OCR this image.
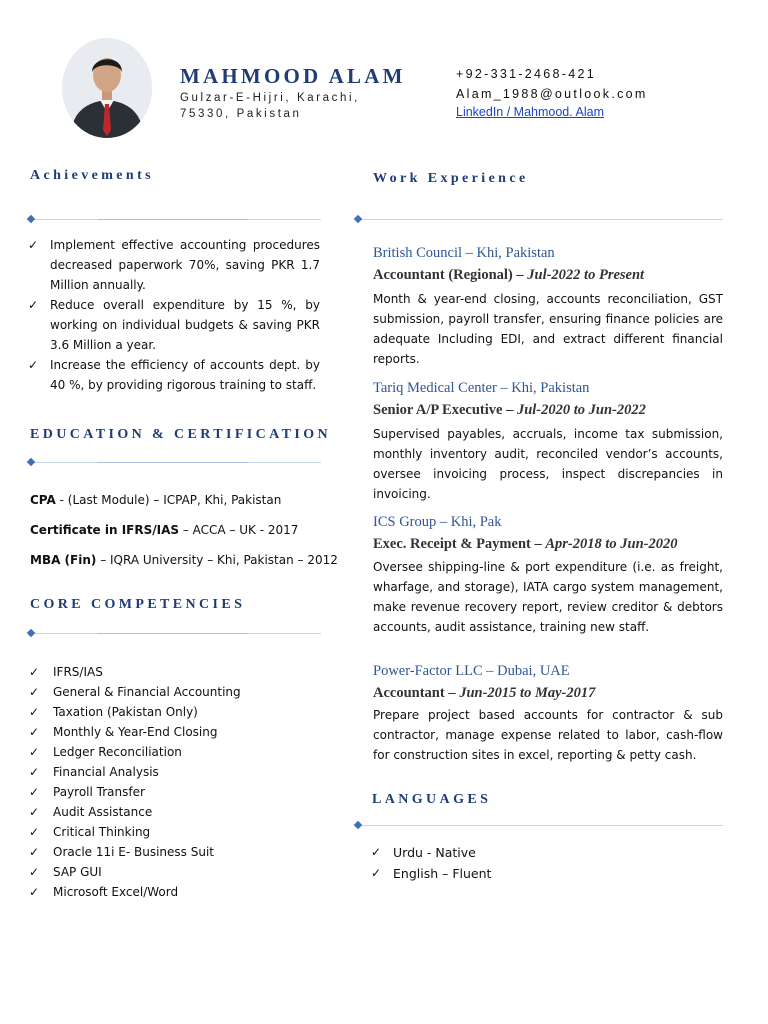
MAHMOOD ALAM
Gulzar-E-Hijri, Karachi,
75330, Pakistan
+92-331-2468-421
Alam_1988@outlook.com
LinkedIn / Mahmood. Alam
Achievements
✓ Implement effective accounting procedures decreased paperwork 70%, saving PKR 1.7 Million annually.
✓ Reduce overall expenditure by 15 %, by working on individual budgets & saving PKR 3.6 Million a year.
✓ Increase the efficiency of accounts dept. by 40 %, by providing rigorous training to staff.
EDUCATION & CERTIFICATION
CPA - (Last Module) – ICPAP, Khi, Pakistan
Certificate in IFRS/IAS – ACCA – UK - 2017
MBA (Fin) – IQRA University – Khi, Pakistan – 2012
CORE COMPETENCIES
✓ IFRS/IAS
✓ General & Financial Accounting
✓ Taxation (Pakistan Only)
✓ Monthly & Year-End Closing
✓ Ledger Reconciliation
✓ Financial Analysis
✓ Payroll Transfer
✓ Audit Assistance
✓ Critical Thinking
✓ Oracle 11i E- Business Suit
✓ SAP GUI
✓ Microsoft Excel/Word
Work Experience
British Council – Khi, Pakistan
Accountant (Regional) – Jul-2022 to Present
Month & year-end closing, accounts reconciliation, GST submission, payroll transfer, ensuring finance policies are adequate Including EDI, and extract different financial reports.
Tariq Medical Center – Khi, Pakistan
Senior A/P Executive – Jul-2020 to Jun-2022
Supervised payables, accruals, income tax submission, monthly inventory audit, reconciled vendor’s accounts, oversee invoicing process, inspect discrepancies in invoicing.
ICS Group – Khi, Pak
Exec. Receipt & Payment – Apr-2018 to Jun-2020
Oversee shipping-line & port expenditure (i.e. as freight, wharfage, and storage), IATA cargo system management, make revenue recovery report, review creditor & debtors accounts, audit assistance, training new staff.
Power-Factor LLC – Dubai, UAE
Accountant – Jun-2015 to May-2017
Prepare project based accounts for contractor & sub contractor, manage expense related to labor, cash-flow for construction sites in excel, reporting & petty cash.
LANGUAGES
✓ Urdu - Native
✓ English – Fluent
